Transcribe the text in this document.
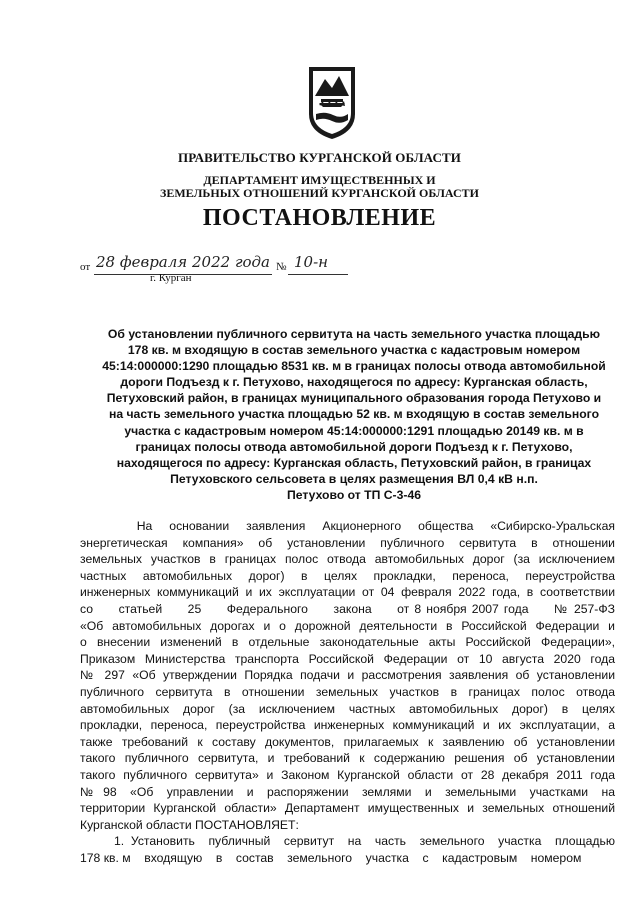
ПРАВИТЕЛЬСТВО КУРГАНСКОЙ ОБЛАСТИ
ДЕПАРТАМЕНТ ИМУЩЕСТВЕННЫХ И
ЗЕМЕЛЬНЫХ ОТНОШЕНИЙ КУРГАНСКОЙ ОБЛАСТИ
ПОСТАНОВЛЕНИЕ
от 28 февраля 2022 года № 10-н
г. Курган
Об установлении публичного сервитута на часть земельного участка площадью
178 кв. м входящую в состав земельного участка с кадастровым номером
45:14:000000:1290 площадью 8531 кв. м в границах полосы отвода автомобильной
дороги Подъезд к г. Петухово, находящегося по адресу: Курганская область,
Петуховский район, в границах муниципального образования города Петухово и
на часть земельного участка площадью 52 кв. м входящую в состав земельного
участка с кадастровым номером 45:14:000000:1291 площадью 20149 кв. м в
границах полосы отвода автомобильной дороги Подъезд к г. Петухово,
находящегося по адресу: Курганская область, Петуховский район, в границах
Петуховского сельсовета в целях размещения ВЛ 0,4 кВ н.п.
Петухово от ТП С-3-46
На   основании   заявления   Акционерного   общества   «Сибирско-Уральская
энергетическая  компания»  об  установлении  публичного  сервитута  в  отношении
земельных участков в границах полос отвода автомобильных дорог (за исключением
частных  автомобильных  дорог)  в  целях  прокладки,  переноса,  переустройства
инженерных коммуникаций и их эксплуатации от 04 февраля 2022 года, в соответствии
со     статьей     25     Федерального     закона     от 8 ноября 2007 года     № 257-ФЗ
«Об автомобильных дорогах и о дорожной деятельности в Российской Федерации и
о внесении изменений в отдельные законодательные акты Российской Федерации»,
Приказом Министерства транспорта Российской Федерации от 10 августа 2020 года
№ 297 «Об утверждении Порядка подачи и рассмотрения заявления об установлении
публичного сервитута в отношении земельных участков в границах полос отвода
автомобильных дорог (за исключением частных автомобильных дорог) в целях
прокладки, переноса, переустройства инженерных коммуникаций и их эксплуатации, а
также требований к составу документов, прилагаемых к заявлению об установлении
такого публичного сервитута, и требований к содержанию решения об установлении
такого публичного сервитута» и Законом Курганской области от 28 декабря 2011 года
№ 98  «Об  управлении  и  распоряжении  землями  и  земельными  участками  на
территории Курганской области» Департамент имущественных и земельных отношений
Курганской области ПОСТАНОВЛЯЕТ:
1. Установить  публичный  сервитут  на  часть  земельного  участка  площадью
178 кв. м    входящую    в    состав    земельного    участка    с    кадастровым    номером
